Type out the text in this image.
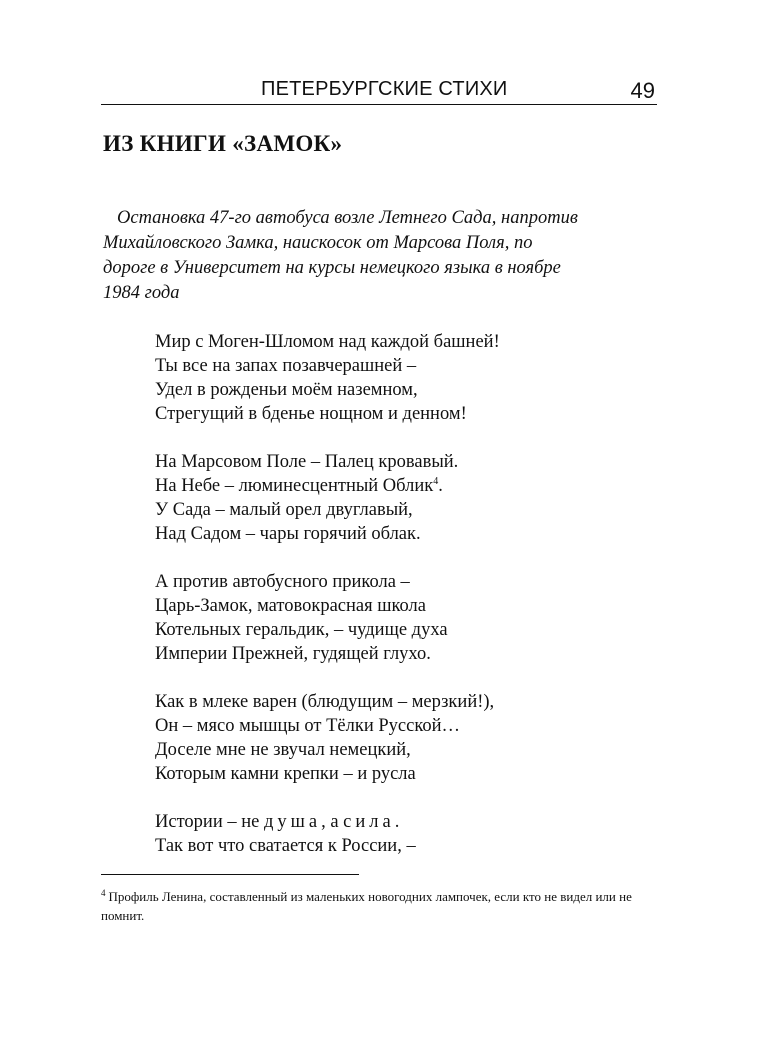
ПЕТЕРБУРГСКИЕ СТИХИ	49
ИЗ КНИГИ «ЗАМОК»
Остановка 47-го автобуса возле Летнего Сада, напротив
Михайловского Замка, наискосок от Марсова Поля, по
дороге в Университет на курсы немецкого языка в ноябре
1984 года
Мир с Моген-Шломом над каждой башней!
Ты все на запах позавчерашней –
Удел в рожденьи моём наземном,
Стрегущий в бденье нощном и денном!
На Марсовом Поле – Палец кровавый.
На Небе – люминесцентный Облик$^4$.
У Сада – малый орел двуглавый,
Над Садом – чары горячий облак.
А против автобусного прикола –
Царь-Замок, матовокрасная школа
Котельных геральдик, – чудище духа
Империи Прежней, гудящей глухо.
Как в млеке варен (блюдущим – мерзкий!),
Он – мясо мышцы от Тёлки Русской…
Доселе мне не звучал немецкий,
Которым камни крепки – и русла
Истории – не душа, а сила.
Так вот что сватается к России, –
$^4$ Профиль Ленина, составленный из маленьких новогодних лампочек, если кто не видел или не помнит.
